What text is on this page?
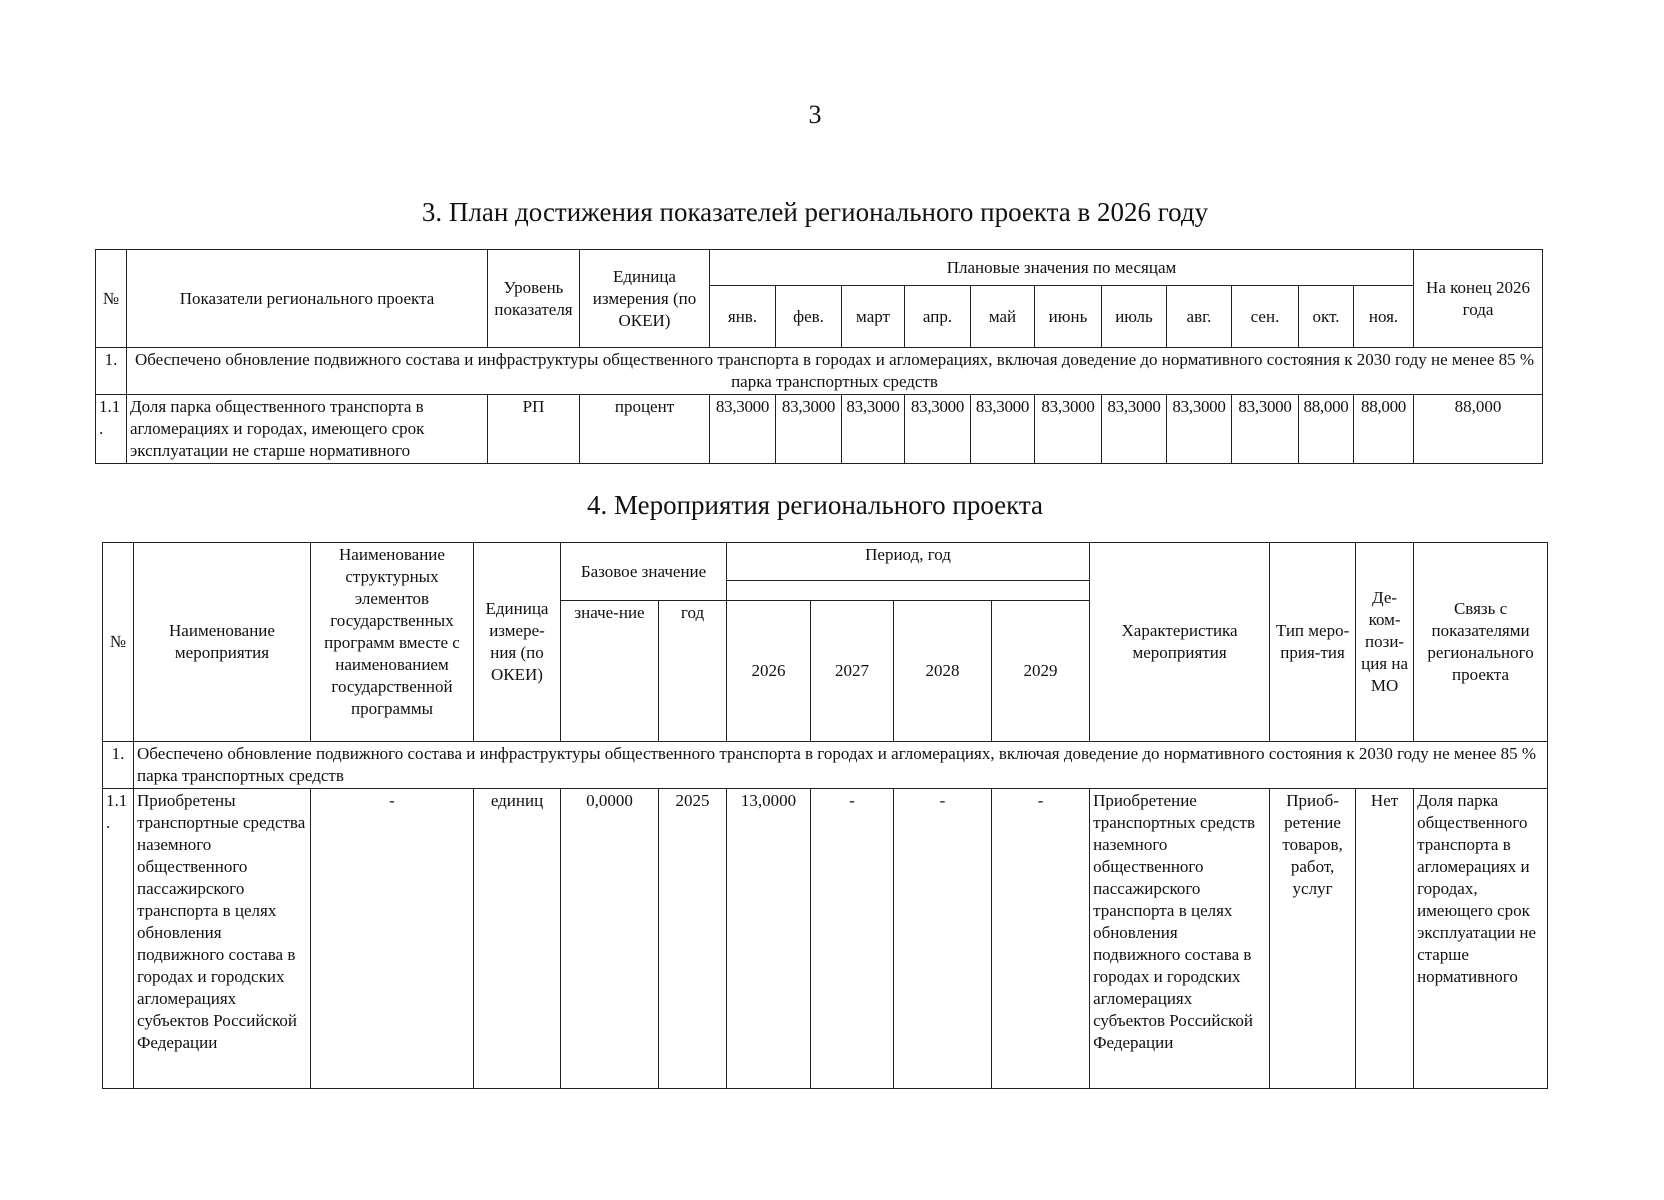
3
3. План достижения показателей регионального проекта в 2026 году
№	Показатели регионального проекта	Уровень показателя	Единица измерения (по ОКЕИ)	Плановые значения по месяцам											На конец 2026 года
				янв.	фев.	март	апр.	май	июнь	июль	авг.	сен.	окт.	ноя.	
1.	Обеспечено обновление подвижного состава и инфраструктуры общественного транспорта в городах и агломерациях, включая доведение до нормативного состояния к 2030 году не менее 85 % парка транспортных средств														
1.1.	Доля парка общественного транспорта в агломерациях и городах, имеющего срок эксплуатации не старше нормативного	РП	процент	83,3000	83,3000	83,3000	83,3000	83,3000	83,3000	83,3000	83,3000	83,3000	88,000	88,000	88,000
4. Мероприятия регионального проекта
№	Наименование мероприятия	Наименование структурных элементов государственных программ вместе с наименованием государственной программы	Единица измере-ния (по ОКЕИ)	Базовое значение		Период, год				Характеристика мероприятия	Тип меро-прия-тия	Де-ком-пози-ция на МО	Связь с показателями регионального проекта

				значе-ние	год	2026	2027	2028	2029				
1.	Обеспечено обновление подвижного состава и инфраструктуры общественного транспорта в городах и агломерациях, включая доведение до нормативного состояния к 2030 году не менее 85 % парка транспортных средств												
1.1.	Приобретены транспортные средства наземного общественного пассажирского транспорта в целях обновления подвижного состава в городах и городских агломерациях субъектов Российской Федерации	-	единиц	0,0000	2025	13,0000	-	-	-	Приобретение транспортных средств наземного общественного пассажирского транспорта в целях обновления подвижного состава в городах и городских агломерациях субъектов Российской Федерации	Приоб-ретение товаров, работ, услуг	Нет	Доля парка общественного транспорта в агломерациях и городах, имеющего срок эксплуатации не старше нормативного
